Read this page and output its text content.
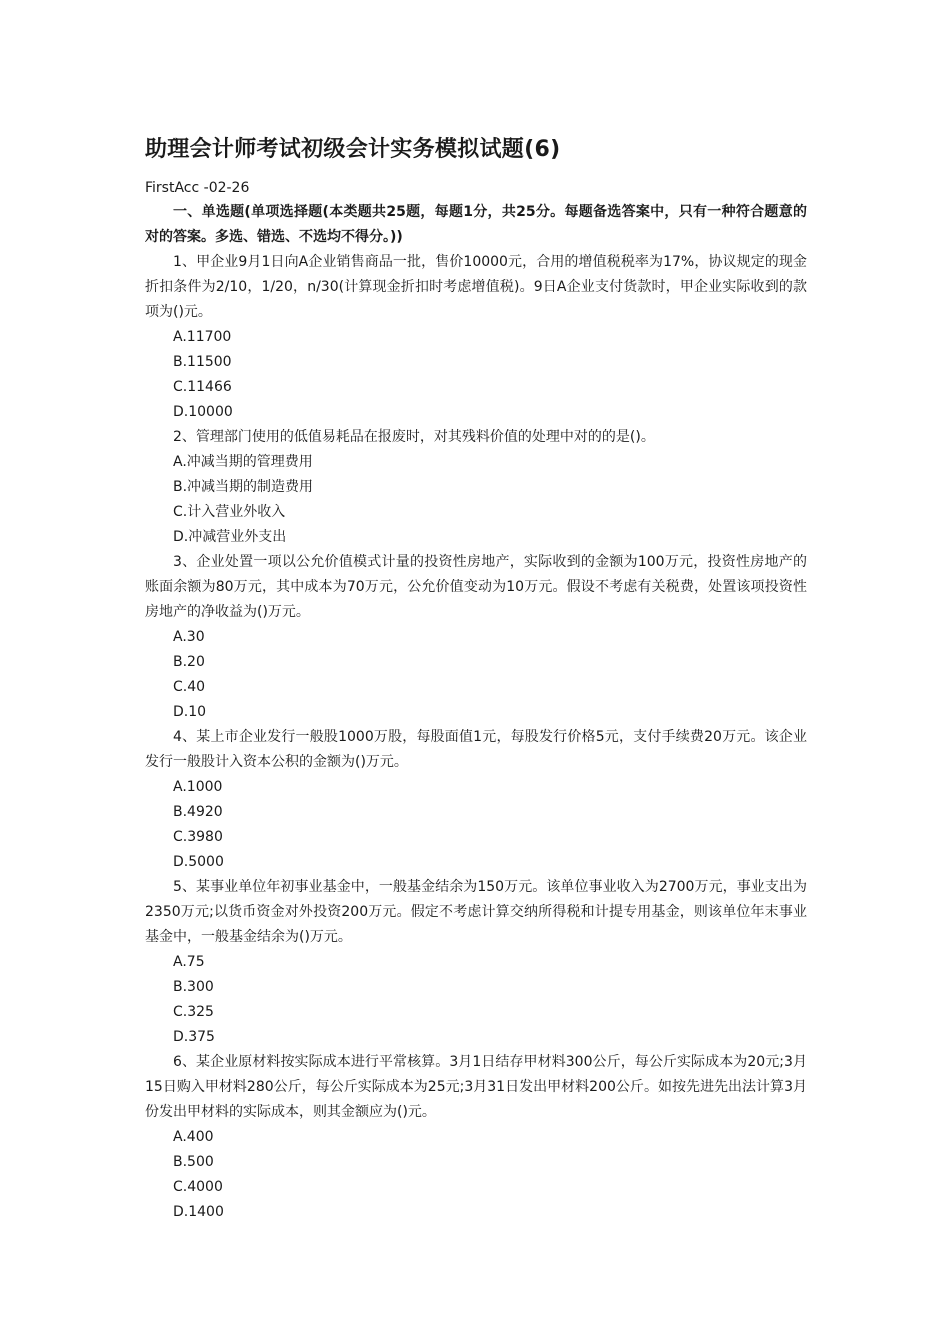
助理会计师考试初级会计实务模拟试题(6)
FirstAcc -02-26

一、单选题(单项选择题(本类题共25题，每题1分，共25分。每题备选答案中，只有一种符合题意的对的答案。多选、错选、不选均不得分。))

1、甲企业9月1日向A企业销售商品一批，售价10000元，合用的增值税税率为17%，协议规定的现金折扣条件为2/10，1/20，n/30(计算现金折扣时考虑增值税)。9日A企业支付货款时，甲企业实际收到的款项为()元。

A.11700

B.11500

C.11466

D.10000

2、管理部门使用的低值易耗品在报废时，对其残料价值的处理中对的的是()。

A.冲减当期的管理费用

B.冲减当期的制造费用

C.计入营业外收入

D.冲减营业外支出

3、企业处置一项以公允价值模式计量的投资性房地产，实际收到的金额为100万元，投资性房地产的账面余额为80万元，其中成本为70万元，公允价值变动为10万元。假设不考虑有关税费，处置该项投资性房地产的净收益为()万元。

A.30

B.20

C.40

D.10

4、某上市企业发行一般股1000万股，每股面值1元，每股发行价格5元，支付手续费20万元。该企业发行一般股计入资本公积的金额为()万元。

A.1000

B.4920

C.3980

D.5000

5、某事业单位年初事业基金中，一般基金结余为150万元。该单位事业收入为2700万元，事业支出为2350万元;以货币资金对外投资200万元。假定不考虑计算交纳所得税和计提专用基金，则该单位年末事业基金中，一般基金结余为()万元。

A.75

B.300

C.325

D.375

6、某企业原材料按实际成本进行平常核算。3月1日结存甲材料300公斤，每公斤实际成本为20元;3月15日购入甲材料280公斤，每公斤实际成本为25元;3月31日发出甲材料200公斤。如按先进先出法计算3月份发出甲材料的实际成本，则其金额应为()元。

A.400

B.500

C.4000

D.1400
